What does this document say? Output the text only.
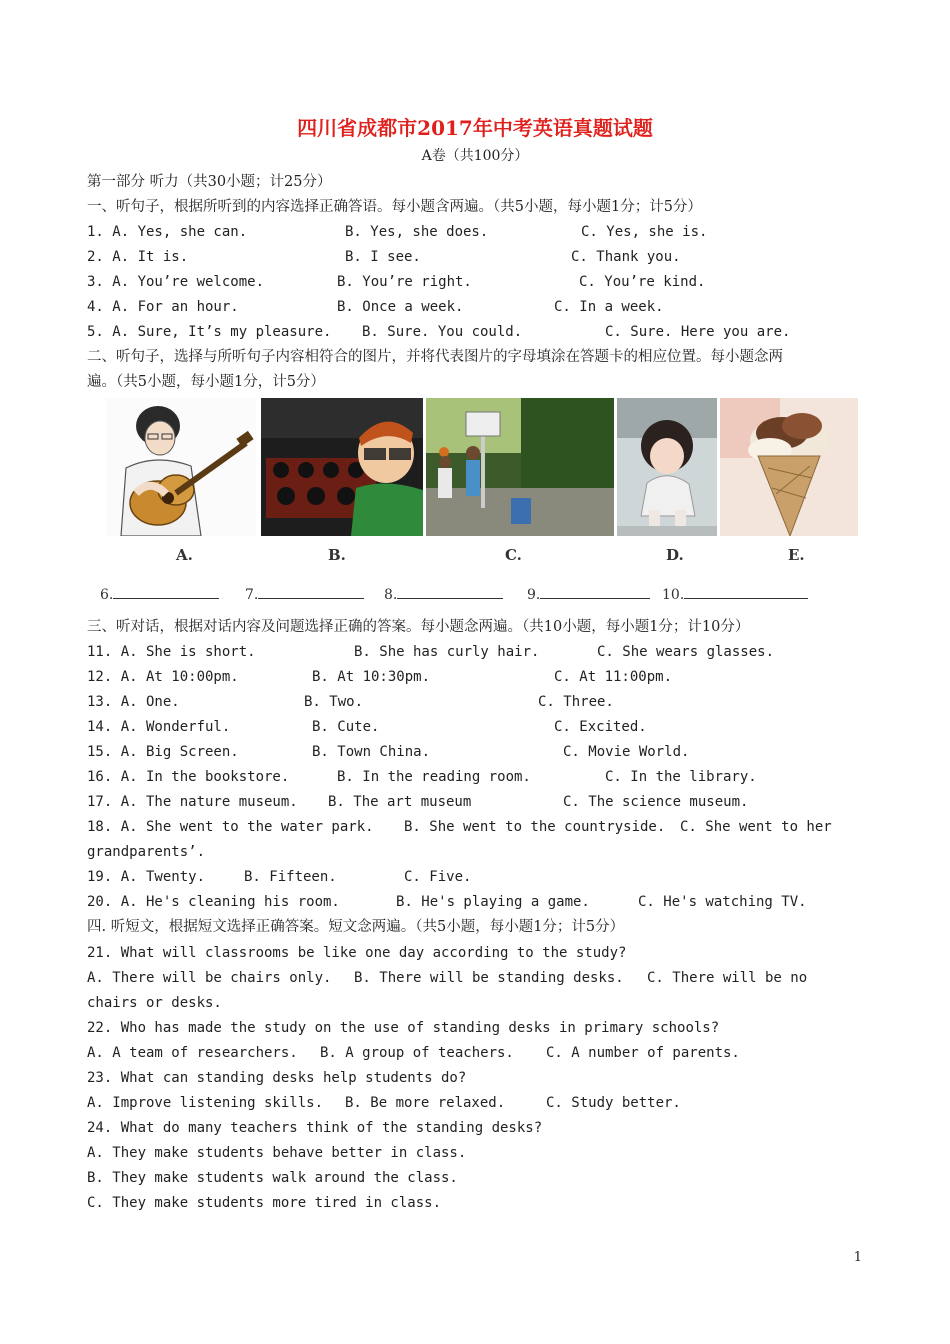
四川省成都市2017年中考英语真题试题
A卷（共100分）
第一部分 听力（共30小题；计25分）
一、听句子，根据所听到的内容选择正确答语。每小题含两遍。（共5小题，每小题1分；计5分）
1. A. Yes, she can.	B. Yes, she does.	C. Yes, she is.
2. A. It is.	B. I see.	C. Thank you.
3. A. You’re welcome.	B. You’re right.	C. You’re kind.
4. A. For an hour.	B. Once a week.	C. In a week.
5. A. Sure, It’s my pleasure. B. Sure. You could.	C. Sure. Here you are.
二、听句子，选择与所听句子内容相符合的图片，并将代表图片的字母填涂在答题卡的相应位置。每小题念两
遍。（共5小题，每小题1分，计5分）
A.	B.	C.	D.	E.
6.	7.	8.	9.	10.
三、听对话，根据对话内容及问题选择正确的答案。每小题念两遍。（共10小题，每小题1分；计10分）
11. A. She is short.	B. She has curly hair.	C. She wears glasses.
12. A. At 10:00pm.	B. At 10:30pm.	C. At 11:00pm.
13. A. One.	B. Two.	C. Three.
14. A. Wonderful.	B. Cute.	C. Excited.
15. A. Big Screen.	B. Town China.	C. Movie World.
16. A. In the bookstore.	B. In the reading room.	C. In the library.
17. A. The nature museum. B. The art museum	C. The science museum.
18. A. She went to the water park. B. She went to the countryside. C. She went to her
grandparents’.
19. A. Twenty.	B. Fifteen.	C. Five.
20. A. He's cleaning his room.	B. He's playing a game.	C. He's watching TV.
四. 听短文，根据短文选择正确答案。短文念两遍。（共5小题，每小题1分；计5分）
21. What will classrooms be like one day according to the study?
A. There will be chairs only. B. There will be standing desks. C. There will be no
chairs or desks.
22. Who has made the study on the use of standing desks in primary schools?
A. A team of researchers. B. A group of teachers. C. A number of parents.
23. What can standing desks help students do?
A. Improve listening skills. B. Be more relaxed.	C. Study better.
24. What do many teachers think of the standing desks?
A. They make students behave better in class.
B. They make students walk around the class.
C. They make students more tired in class.
1
